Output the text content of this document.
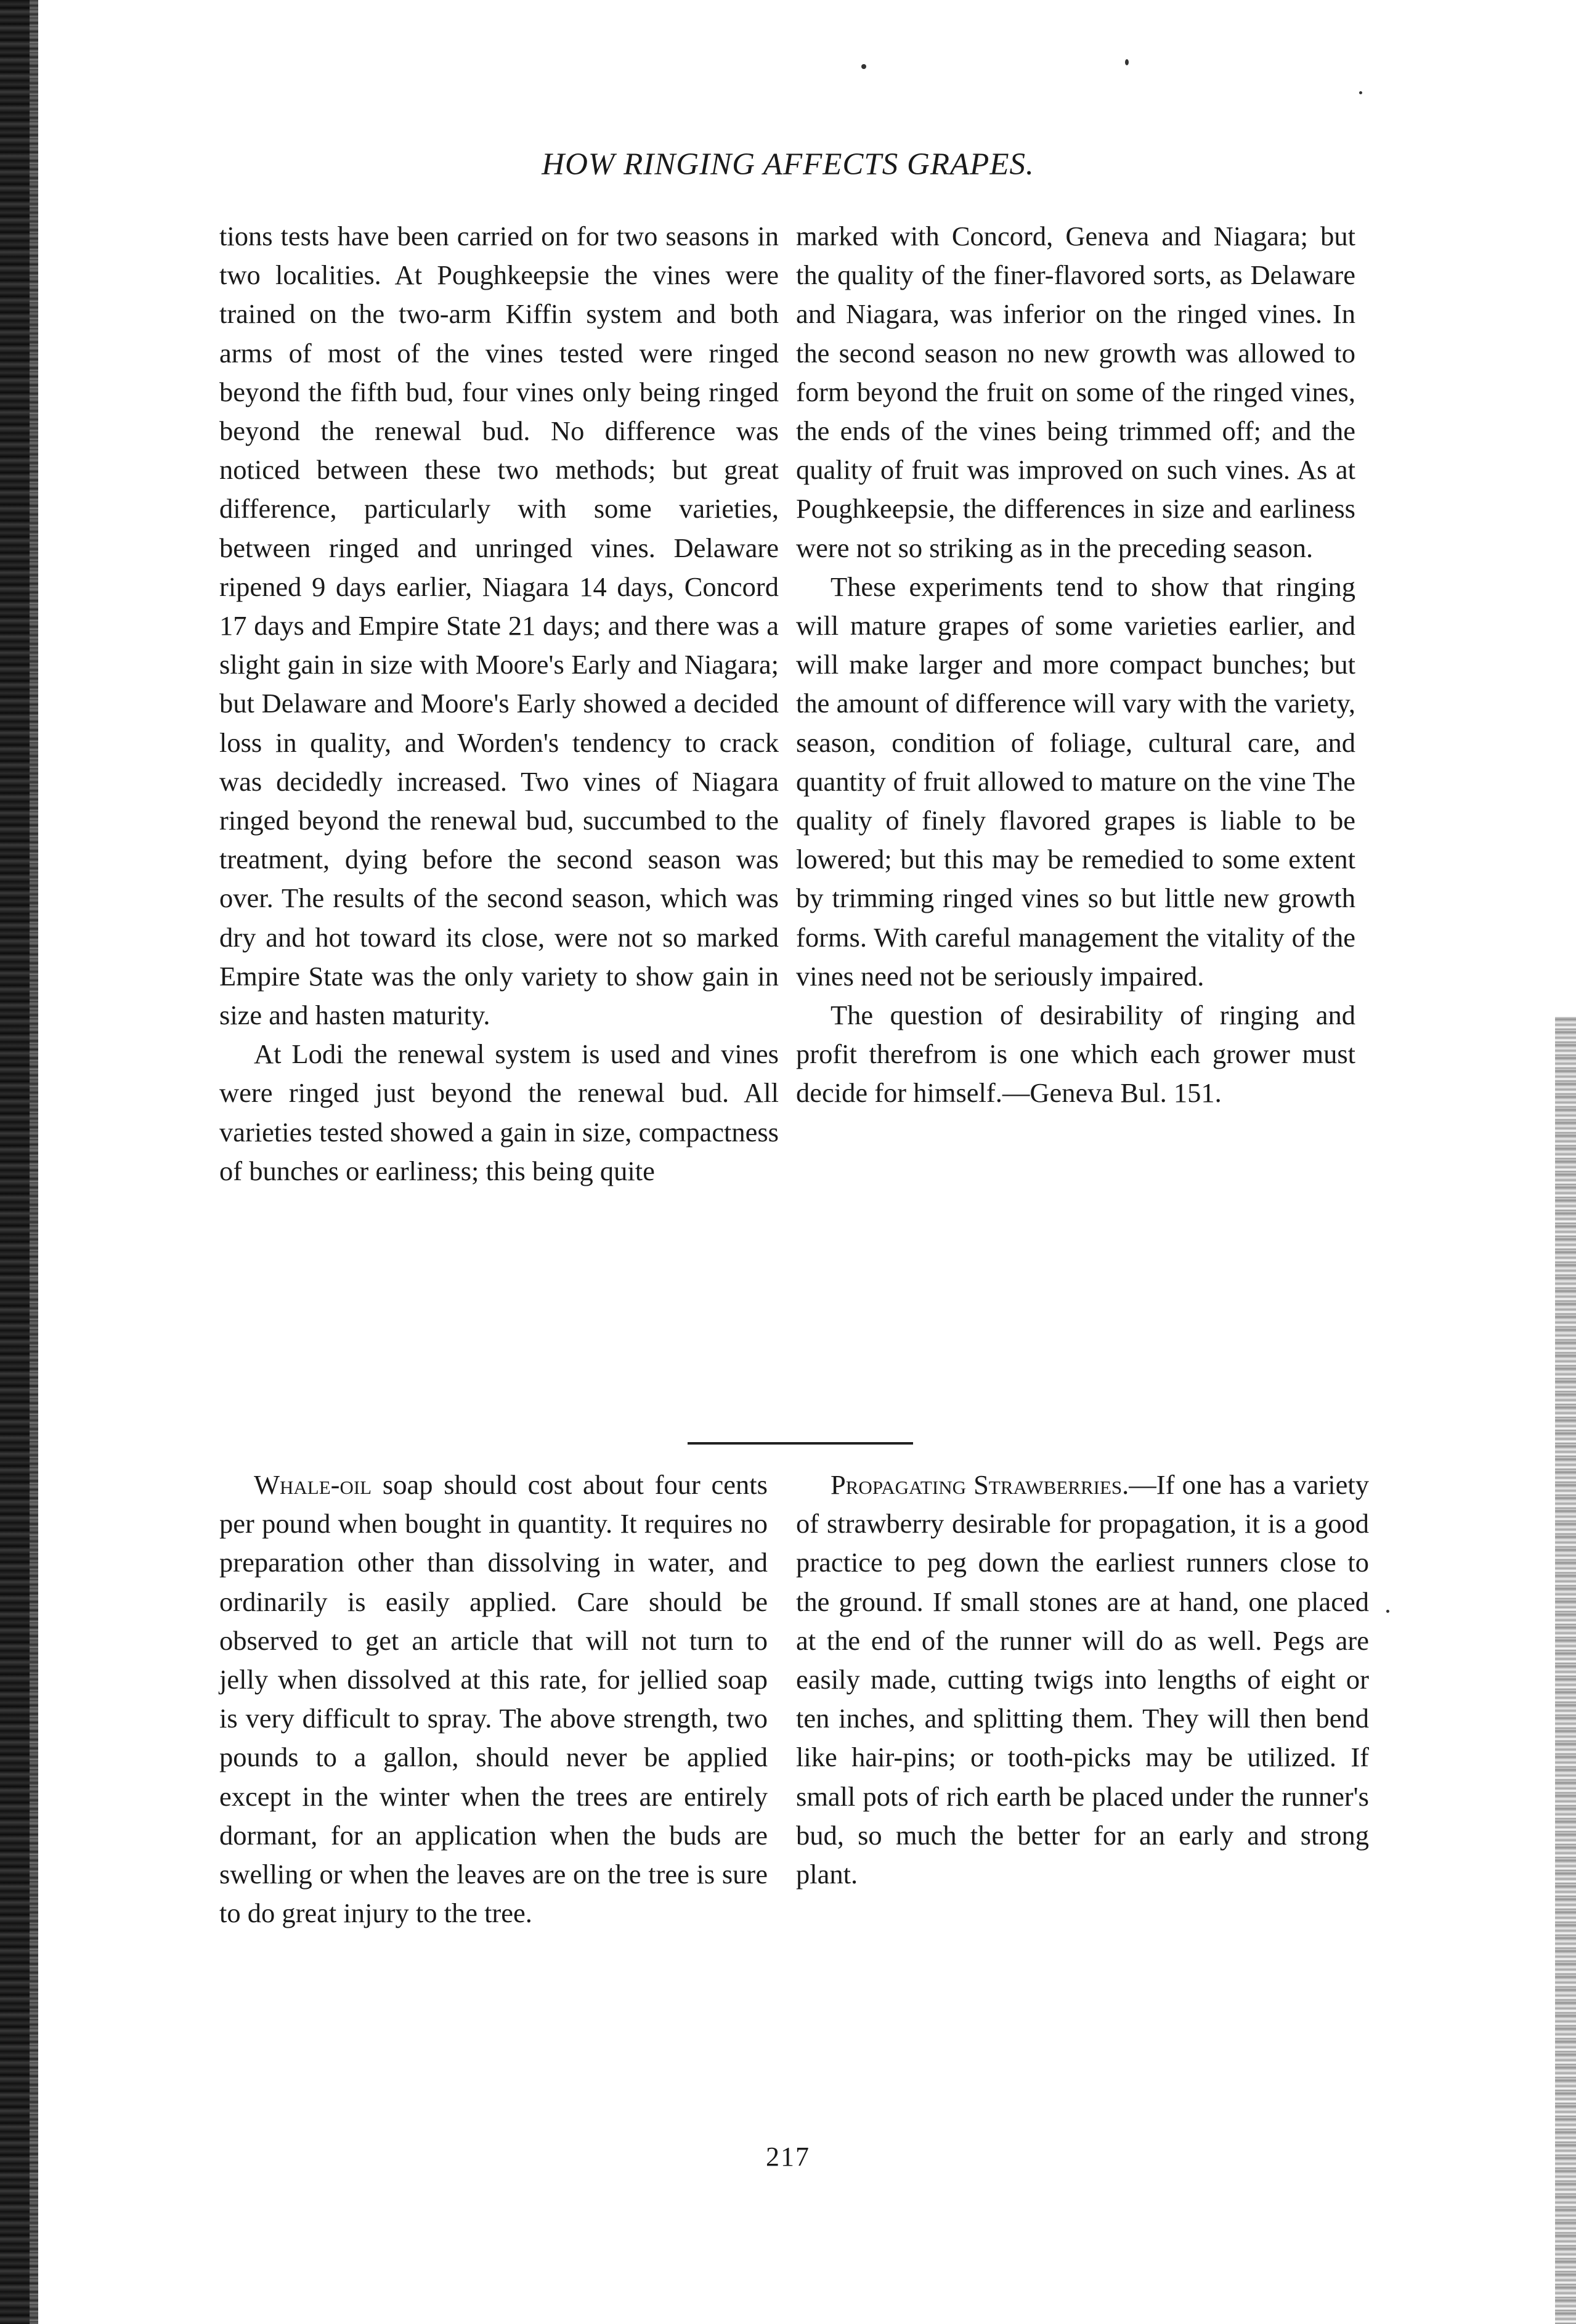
HOW RINGING AFFECTS GRAPES.

tions tests have been carried on for two seasons in two localities. At Poughkeepsie the vines were trained on the two-arm Kiffin system and both arms of most of the vines tested were ringed beyond the fifth bud, four vines only being ringed beyond the renewal bud. No difference was noticed between these two methods; but great difference, particularly with some varieties, between ringed and unringed vines. Delaware ripened 9 days earlier, Niagara 14 days, Concord 17 days and Empire State 21 days; and there was a slight gain in size with Moore's Early and Niagara; but Delaware and Moore's Early showed a decided loss in quality, and Worden's tendency to crack was decidedly increased. Two vines of Niagara ringed beyond the renewal bud, succumbed to the treatment, dying before the second season was over. The results of the second season, which was dry and hot toward its close, were not so marked Empire State was the only variety to show gain in size and hasten maturity.

At Lodi the renewal system is used and vines were ringed just beyond the renewal bud. All varieties tested showed a gain in size, compactness of bunches or earliness; this being quite

marked with Concord, Geneva and Niagara; but the quality of the finer-flavored sorts, as Delaware and Niagara, was inferior on the ringed vines. In the second season no new growth was allowed to form beyond the fruit on some of the ringed vines, the ends of the vines being trimmed off; and the quality of fruit was improved on such vines. As at Poughkeepsie, the differences in size and earliness were not so striking as in the preceding season.

These experiments tend to show that ringing will mature grapes of some varieties earlier, and will make larger and more compact bunches; but the amount of difference will vary with the variety, season, condition of foliage, cultural care, and quantity of fruit allowed to mature on the vine The quality of finely flavored grapes is liable to be lowered; but this may be remedied to some extent by trimming ringed vines so but little new growth forms. With careful management the vitality of the vines need not be seriously impaired.

The question of desirability of ringing and profit therefrom is one which each grower must decide for himself.—Geneva Bul. 151.

Whale-oil soap should cost about four cents per pound when bought in quantity. It requires no preparation other than dissolving in water, and ordinarily is easily applied. Care should be observed to get an article that will not turn to jelly when dissolved at this rate, for jellied soap is very difficult to spray. The above strength, two pounds to a gallon, should never be applied except in the winter when the trees are entirely dormant, for an application when the buds are swelling or when the leaves are on the tree is sure to do great injury to the tree.

Propagating Strawberries.—If one has a variety of strawberry desirable for propagation, it is a good practice to peg down the earliest runners close to the ground. If small stones are at hand, one placed at the end of the runner will do as well. Pegs are easily made, cutting twigs into lengths of eight or ten inches, and splitting them. They will then bend like hair-pins; or tooth-picks may be utilized. If small pots of rich earth be placed under the runner's bud, so much the better for an early and strong plant.

217
